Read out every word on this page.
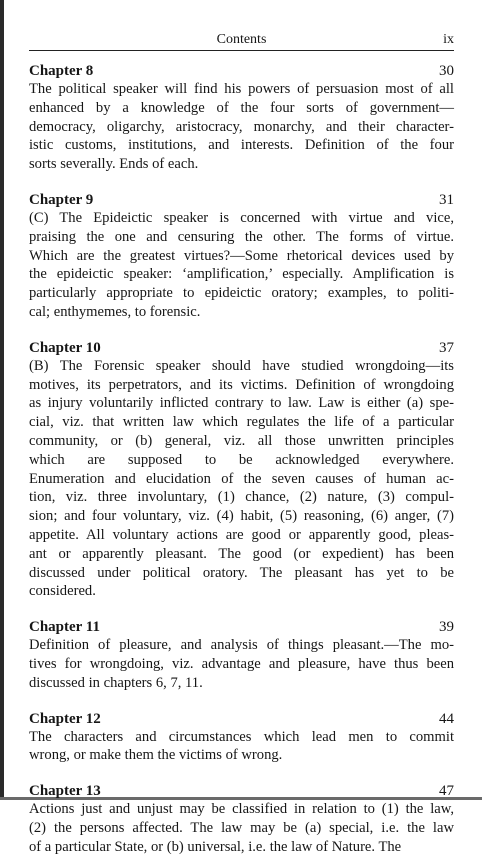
Contents	ix
Chapter 8	30

The political speaker will find his powers of persuasion most of all
enhanced by a knowledge of the four sorts of government—
democracy, oligarchy, aristocracy, monarchy, and their character-
istic customs, institutions, and interests. Definition of the four
sorts severally. Ends of each.

Chapter 9	31

(C) The Epideictic speaker is concerned with virtue and vice,
praising the one and censuring the other. The forms of virtue.
Which are the greatest virtues?—Some rhetorical devices used by
the epideictic speaker: ‘amplification,’ especially. Amplification is
particularly appropriate to epideictic oratory; examples, to politi-
cal; enthymemes, to forensic.

Chapter 10	37

(B) The Forensic speaker should have studied wrongdoing—its
motives, its perpetrators, and its victims. Definition of wrongdoing
as injury voluntarily inflicted contrary to law. Law is either (a) spe-
cial, viz. that written law which regulates the life of a particular
community, or (b) general, viz. all those unwritten principles
which are supposed to be acknowledged everywhere.
Enumeration and elucidation of the seven causes of human ac-
tion, viz. three involuntary, (1) chance, (2) nature, (3) compul-
sion; and four voluntary, viz. (4) habit, (5) reasoning, (6) anger, (7)
appetite. All voluntary actions are good or apparently good, pleas-
ant or apparently pleasant. The good (or expedient) has been
discussed under political oratory. The pleasant has yet to be
considered.

Chapter 11	39

Definition of pleasure, and analysis of things pleasant.—The mo-
tives for wrongdoing, viz. advantage and pleasure, have thus been
discussed in chapters 6, 7, 11.

Chapter 12	44

The characters and circumstances which lead men to commit
wrong, or make them the victims of wrong.

Chapter 13	47

Actions just and unjust may be classified in relation to (1) the law,
(2) the persons affected. The law may be (a) special, i.e. the law
of a particular State, or (b) universal, i.e. the law of Nature. The
